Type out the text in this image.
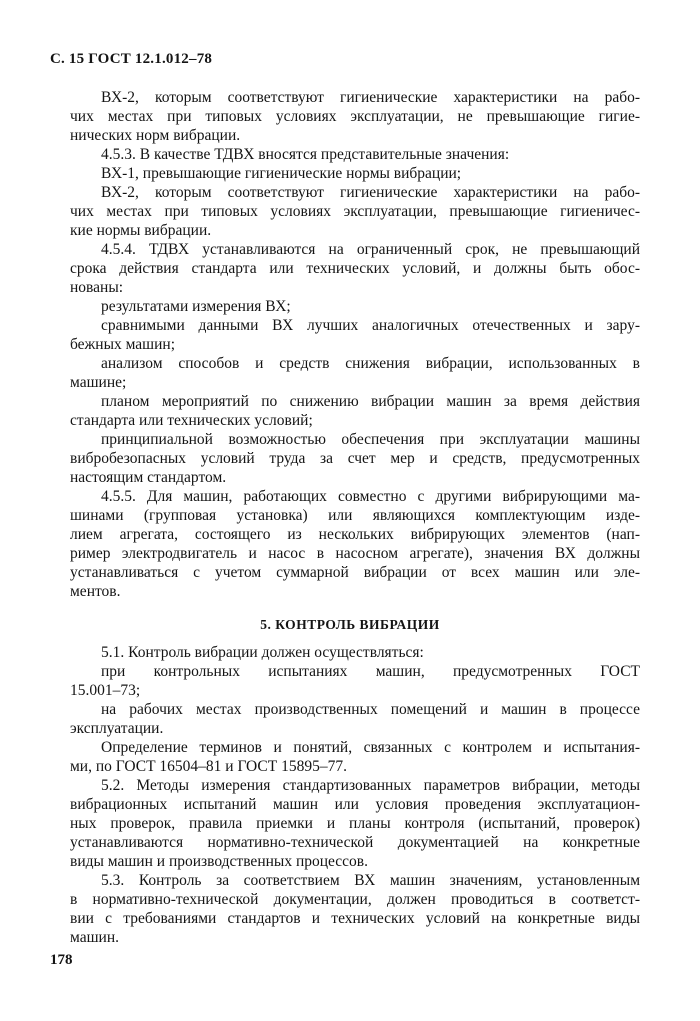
С. 15 ГОСТ 12.1.012–78
ВХ-2, которым соответствуют гигиенические характеристики на рабо-
чих местах при типовых условиях эксплуатации, не превышающие гигие-
нических норм вибрации.
4.5.3. В качестве ТДВХ вносятся представительные значения:
ВХ-1, превышающие гигиенические нормы вибрации;
ВХ-2, которым соответствуют гигиенические характеристики на рабо-
чих местах при типовых условиях эксплуатации, превышающие гигиеничес-
кие нормы вибрации.
4.5.4. ТДВХ устанавливаются на ограниченный срок, не превышающий
срока действия стандарта или технических условий, и должны быть обос-
нованы:
результатами измерения ВХ;
сравнимыми данными ВХ лучших аналогичных отечественных и зару-
бежных машин;
анализом способов и средств снижения вибрации, использованных в
машине;
планом мероприятий по снижению вибрации машин за время действия
стандарта или технических условий;
принципиальной возможностью обеспечения при эксплуатации машины
вибробезопасных условий труда за счет мер и средств, предусмотренных
настоящим стандартом.
4.5.5. Для машин, работающих совместно с другими вибрирующими ма-
шинами (групповая установка) или являющихся комплектующим изде-
лием агрегата, состоящего из нескольких вибрирующих элементов (нап-
ример электродвигатель и насос в насосном агрегате), значения ВХ должны
устанавливаться с учетом суммарной вибрации от всех машин или эле-
ментов.
5. КОНТРОЛЬ ВИБРАЦИИ
5.1. Контроль вибрации должен осуществляться:
при контрольных испытаниях машин, предусмотренных ГОСТ
15.001–73;
на рабочих местах производственных помещений и машин в процессе
эксплуатации.
Определение терминов и понятий, связанных с контролем и испытания-
ми, по ГОСТ 16504–81 и ГОСТ 15895–77.
5.2. Методы измерения стандартизованных параметров вибрации, методы
вибрационных испытаний машин или условия проведения эксплуатацион-
ных проверок, правила приемки и планы контроля (испытаний, проверок)
устанавливаются нормативно-технической документацией на конкретные
виды машин и производственных процессов.
5.3. Контроль за соответствием ВХ машин значениям, установленным
в нормативно-технической документации, должен проводиться в соответст-
вии с требованиями стандартов и технических условий на конкретные виды
машин.
178
